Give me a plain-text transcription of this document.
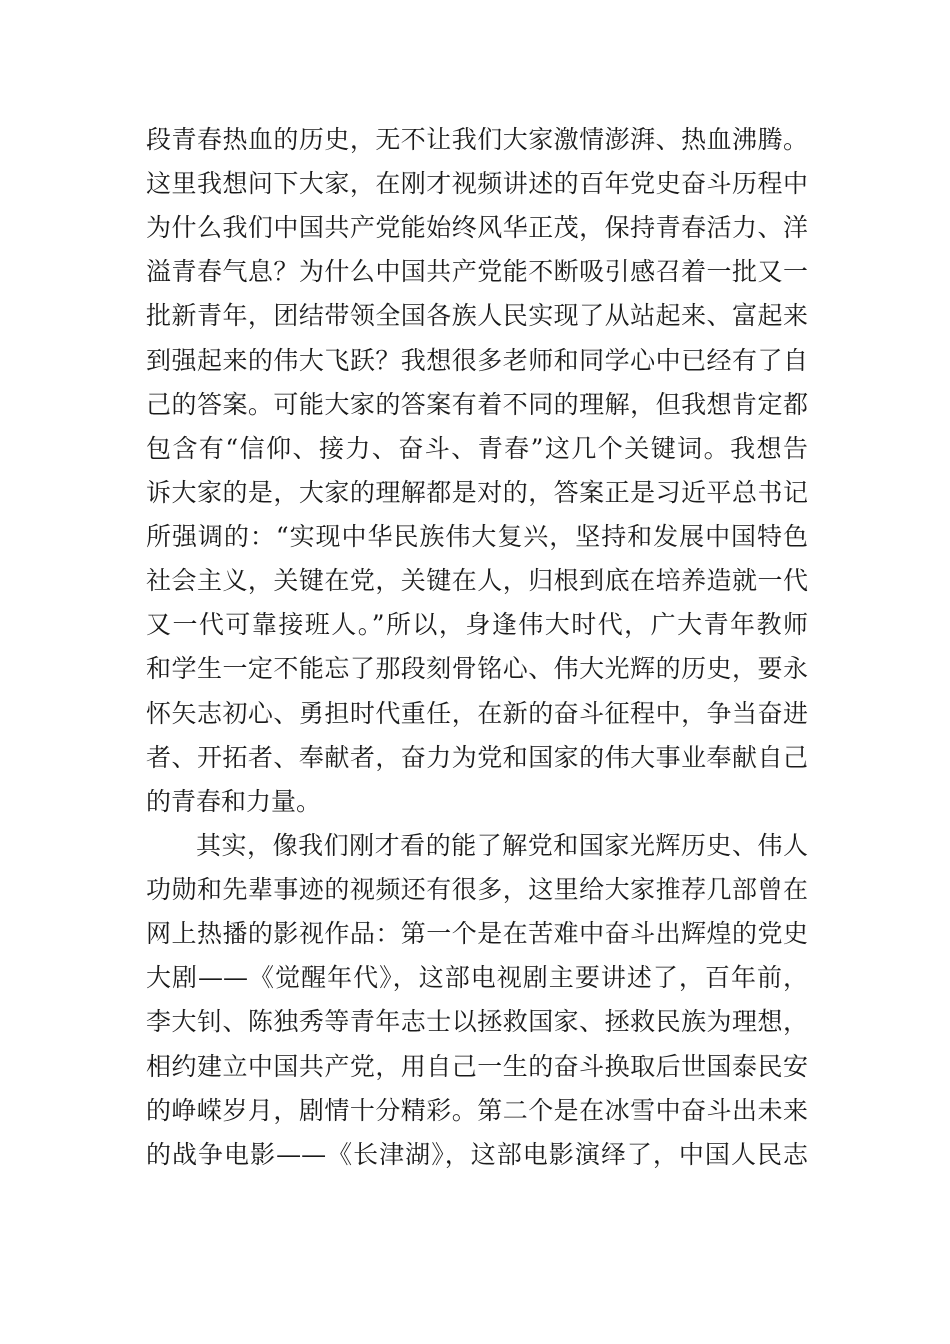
段青春热血的历史，无不让我们大家激情澎湃、热血沸腾。
这里我想问下大家，在刚才视频讲述的百年党史奋斗历程中
为什么我们中国共产党能始终风华正茂，保持青春活力、洋
溢青春气息？为什么中国共产党能不断吸引感召着一批又一
批新青年，团结带领全国各族人民实现了从站起来、富起来
到强起来的伟大飞跃？我想很多老师和同学心中已经有了自
己的答案。可能大家的答案有着不同的理解，但我想肯定都
包含有“信仰、接力、奋斗、青春”这几个关键词。我想告
诉大家的是，大家的理解都是对的，答案正是习近平总书记
所强调的：“实现中华民族伟大复兴，坚持和发展中国特色
社会主义，关键在党，关键在人，归根到底在培养造就一代
又一代可靠接班人。”所以，身逢伟大时代，广大青年教师
和学生一定不能忘了那段刻骨铭心、伟大光辉的历史，要永
怀矢志初心、勇担时代重任，在新的奋斗征程中，争当奋进
者、开拓者、奉献者，奋力为党和国家的伟大事业奉献自己
的青春和力量。
其实，像我们刚才看的能了解党和国家光辉历史、伟人
功勋和先辈事迹的视频还有很多，这里给大家推荐几部曾在
网上热播的影视作品：第一个是在苦难中奋斗出辉煌的党史
大剧——《觉醒年代》，这部电视剧主要讲述了，百年前，
李大钊、陈独秀等青年志士以拯救国家、拯救民族为理想，
相约建立中国共产党，用自己一生的奋斗换取后世国泰民安
的峥嵘岁月，剧情十分精彩。第二个是在冰雪中奋斗出未来
的战争电影——《长津湖》，这部电影演绎了，中国人民志
